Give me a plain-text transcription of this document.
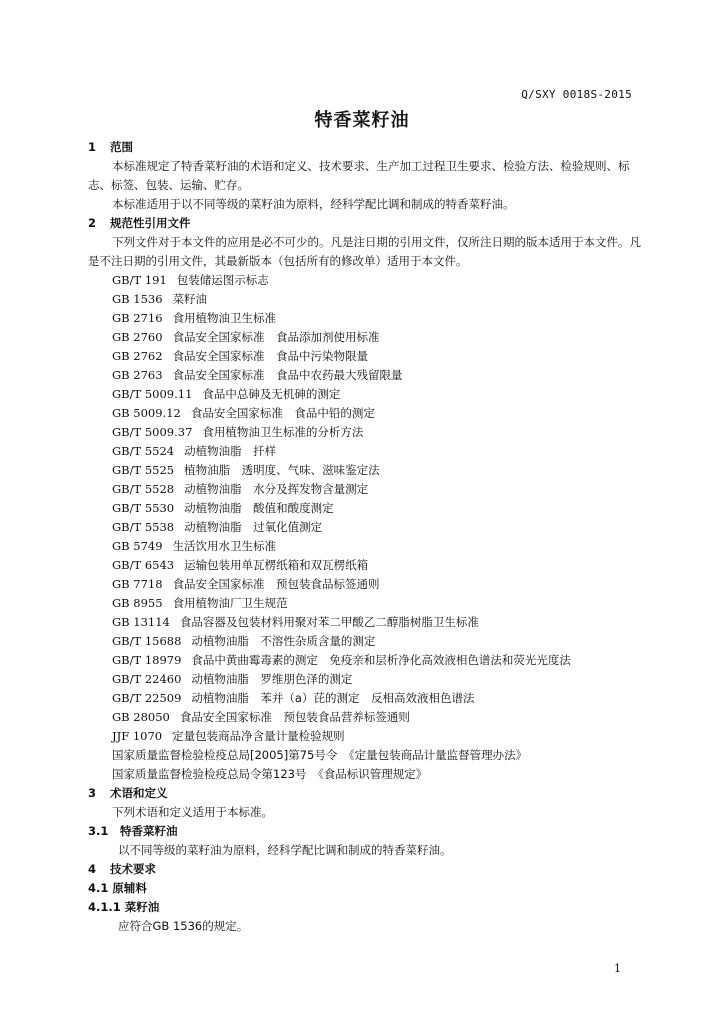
Q/SXY 0018S-2015
特香菜籽油
1 范围
本标准规定了特香菜籽油的术语和定义、技术要求、生产加工过程卫生要求、检验方法、检验规则、标志、标签、包装、运输、贮存。
本标准适用于以不同等级的菜籽油为原料，经科学配比调和制成的特香菜籽油。
2 规范性引用文件
下列文件对于本文件的应用是必不可少的。凡是注日期的引用文件，仅所注日期的版本适用于本文件。凡是不注日期的引用文件，其最新版本（包括所有的修改单）适用于本文件。
GB/T 191 包装储运图示标志
GB 1536 菜籽油
GB 2716 食用植物油卫生标准
GB 2760 食品安全国家标准　食品添加剂使用标准
GB 2762 食品安全国家标准　食品中污染物限量
GB 2763 食品安全国家标准　食品中农药最大残留限量
GB/T 5009.11 食品中总砷及无机砷的测定
GB 5009.12 食品安全国家标准　食品中铅的测定
GB/T 5009.37 食用植物油卫生标准的分析方法
GB/T 5524 动植物油脂　扦样
GB/T 5525 植物油脂　透明度、气味、滋味鉴定法
GB/T 5528 动植物油脂　水分及挥发物含量测定
GB/T 5530 动植物油脂　酸值和酸度测定
GB/T 5538 动植物油脂　过氧化值测定
GB 5749 生活饮用水卫生标准
GB/T 6543 运输包装用单瓦楞纸箱和双瓦楞纸箱
GB 7718 食品安全国家标准　预包装食品标签通则
GB 8955 食用植物油厂卫生规范
GB 13114 食品容器及包装材料用聚对苯二甲酸乙二醇脂树脂卫生标准
GB/T 15688 动植物油脂　不溶性杂质含量的测定
GB/T 18979 食品中黄曲霉毒素的测定　免疫亲和层析净化高效液相色谱法和荧光光度法
GB/T 22460 动植物油脂　罗维朋色泽的测定
GB/T 22509 动植物油脂　苯并（a）芘的测定　反相高效液相色谱法
GB 28050 食品安全国家标准　预包装食品营养标签通则
JJF 1070 定量包装商品净含量计量检验规则
国家质量监督检验检疫总局[2005]第75号令　《定量包装商品计量监督管理办法》
国家质量监督检验检疫总局令第123号　《食品标识管理规定》
3 术语和定义
下列术语和定义适用于本标准。
3.1 特香菜籽油
以不同等级的菜籽油为原料，经科学配比调和制成的特香菜籽油。
4 技术要求
4.1 原辅料
4.1.1 菜籽油
应符合GB 1536的规定。
1
